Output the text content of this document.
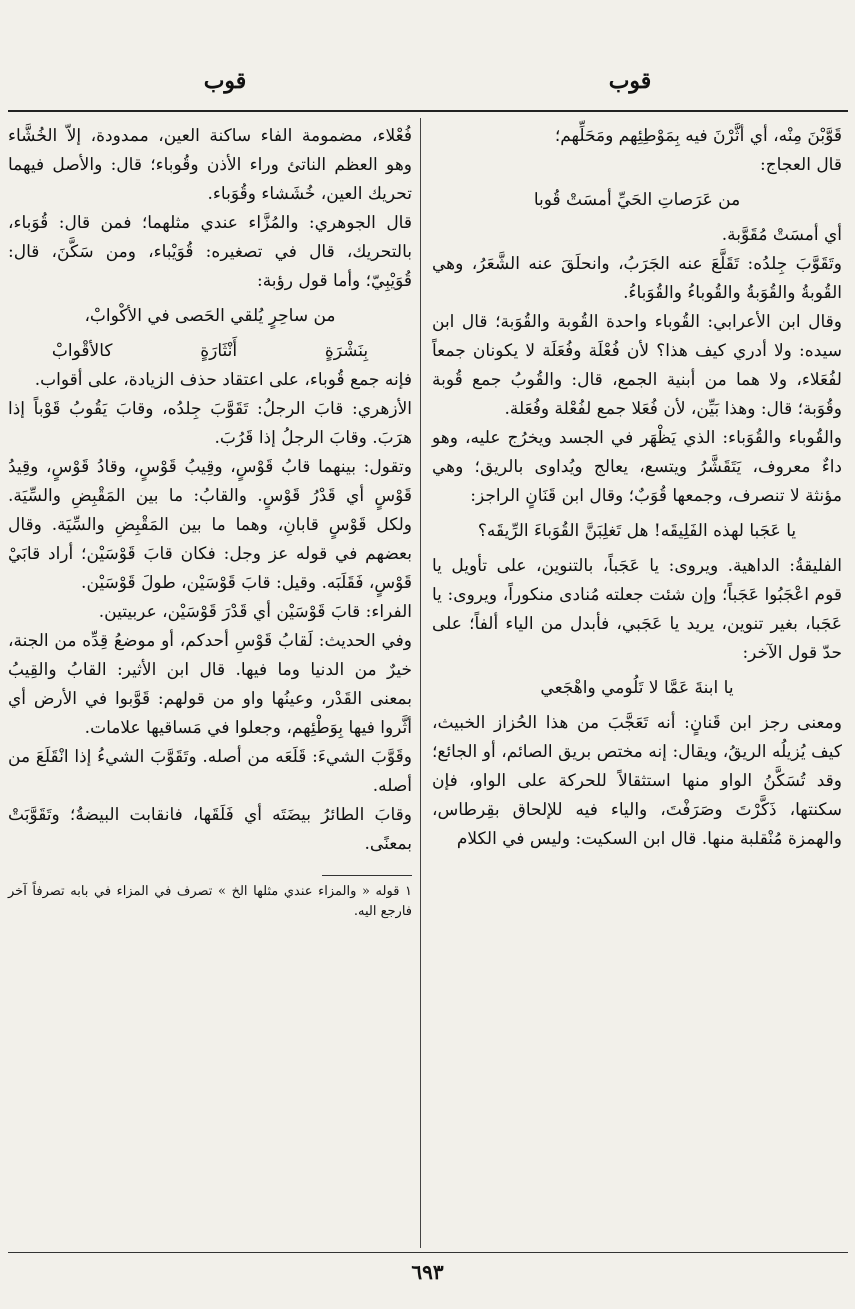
قوب
قوب

قَوَّبْنَ مِنْه، أي أثَّرْنَ فيه بِمَوْطِئِهم ومَحَلِّهم؛

قال العجاج:

من عَرَصاتِ الحَيِّ أمسَتْ قُوبا

أي أمسَتْ مُقَوَّبة.

وتَقَوَّبَ جِلدُه: تَقَلَّعَ عنه الجَرَبُ، وانحلَقَ عنه الشَّعَرُ، وهي القُوبةُ والقُوَبةُ والقُوباءُ والقُوَباءُ.

وقال ابن الأعرابي: القُوباء واحدة القُوبة والقُوَبة؛ قال ابن سيده: ولا أدري كيف هذا؟ لأن فُعْلَة وفُعَلَة لا يكونان جمعاً لفُعَلاء، ولا هما من أبنية الجمع، قال: والقُوبُ جمع قُوبة وقُوَبة؛ قال: وهذا بَيِّن، لأن فُعَلا جمع لفُعْلة وفُعَلة.

والقُوباء والقُوَباء: الذي يَظْهَر في الجسد ويخرُج عليه، وهو داءٌ معروف، يَتَقَشَّرُ ويتسع، يعالج ويُداوى بالريق؛ وهي مؤنثة لا تنصرف، وجمعها قُوَبٌ؛ وقال ابن قَنَانٍ الراجز:

يا عَجَبا لهذه الفَلِيقَه! هل تَغلِبَنَّ القُوَباءَ الرِّيقَه؟

الفليقةُ: الداهية. ويروى: يا عَجَباً، بالتنوين، على تأويل يا قوم اعْجَبُوا عَجَباً؛ وإن شئت جعلته مُنادى منكوراً، ويروى: يا عَجَبا، بغير تنوين، يريد يا عَجَبي، فأبدل من الياء ألفاً؛ على حدّ قول الآخر:

يا ابنةَ عَمَّا لا تَلُومي واهْجَعي

ومعنى رجز ابن قَنانٍ: أنه تَعَجَّبَ من هذا الحُزاز الخبيث، كيف يُزيلُه الريقُ، ويقال: إنه مختص بريق الصائم، أو الجائع؛ وقد تُسَكَّنُ الواو منها استثقالاً للحركة على الواو، فإن سكنتها، ذَكَّرْتَ وصَرَفْتَ، والياء فيه للإلحاق بقِرطاس، والهمزة مُنْقلبة منها. قال ابن السكيت: وليس في الكلام

فُعْلاء، مضمومة الفاء ساكنة العين، ممدودة، إلاّ الخُشَّاء وهو العظم الناتئ وراء الأذن وقُوباء؛ قال: والأصل فيهما تحريك العين، خُشَشاء وقُوَباء.

قال الجوهري: والمُزَّاء عندي مثلهما؛ فمن قال: قُوَباء، بالتحريك، قال في تصغيره: قُوَيْباء، ومن سَكَّنَ، قال: قُوَيْبِيّ؛ وأما قول رؤبة:

من ساحِرٍ يُلقي الحَصى في الأكْوابْ،

بِنَشْرَةٍ
أَنْثَارَةٍ
كالأقْوابْ

فإنه جمع قُوباء، على اعتقاد حذف الزيادة، على أقواب.

الأزهري: قابَ الرجلُ: تَقَوَّبَ جِلدُه، وقابَ يَقُوبُ قَوْباً إذا هرَبَ. وقابَ الرجلُ إذا قَرُبَ.

وتقول: بينهما قابُ قَوْسٍ، وقِيبُ قَوْسٍ، وقادُ قَوْسٍ، وقِيدُ قَوْسٍ أي قَدْرُ قَوْسٍ. والقابُ: ما بين المَقْبِضِ والسِّيَة. ولكل قَوْسٍ قابانِ، وهما ما بين المَقْبِضِ والسِّيَة. وقال بعضهم في قوله عز وجل: فكان قابَ قَوْسَيْن؛ أراد قابَيْ قَوْسٍ، فَقَلَبَه. وقيل: قابَ قَوْسَيْن، طولَ قَوْسَيْن.

الفراء: قابَ قَوْسَيْن أي قَدْرَ قَوْسَيْن، عربيتين.

وفي الحديث: لَقابُ قَوْسِ أحدكم، أو موضعُ قِدِّه من الجنة، خيرٌ من الدنيا وما فيها. قال ابن الأثير: القابُ والقِيبُ بمعنى القَدْر، وعينُها واو من قولهم: قَوَّبوا في الأرض أي أثَّروا فيها بِوَطْئِهم، وجعلوا في مَساقيها علامات.

وقَوَّبَ الشيءَ: قَلَعَه من أصله. وتَقَوَّبَ الشيءُ إذا انْقَلَعَ من أصله.

وقابَ الطائرُ بيضَتَه أي فَلَقَها، فانقابت البيضةُ؛ وتَقَوَّبَتْ بمعنًى.

١ قوله « والمزاء عندي مثلها الخ » تصرف في المزاء في بابه تصرفاً آخر فارجع اليه.

٦٩٣
